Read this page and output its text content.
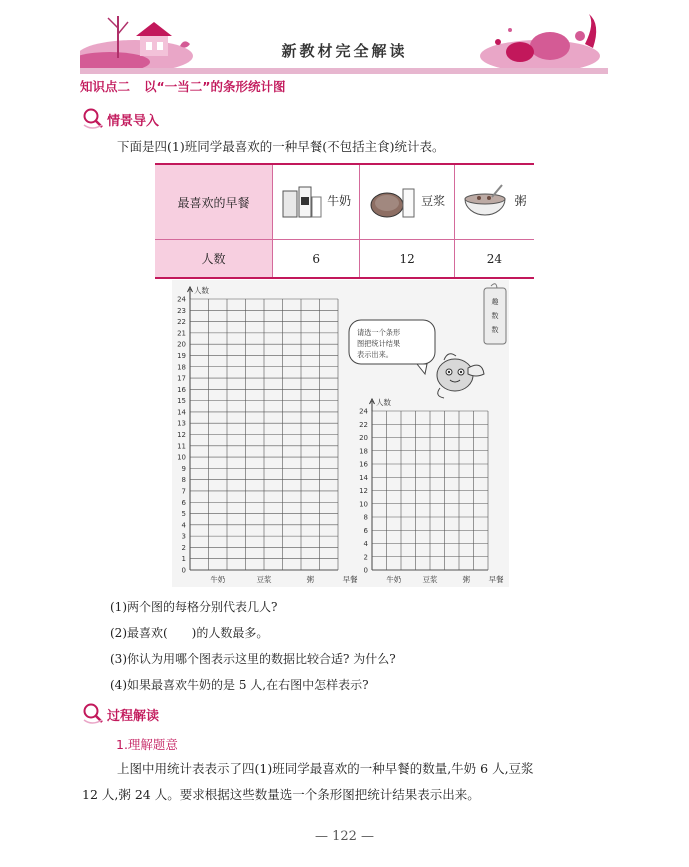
新教材完全解读
知识点二 以“一当二”的条形统计图
情景导入
下面是四(1)班同学最喜欢的一种早餐(不包括主食)统计表。
最喜欢的早餐	牛奶	豆浆	粥

人数	6	12	24
0
1
2
3
4
5
6
7
8
9
10
11
12
13
14
15
16
17
18
19
20
21
22
23
24
人数
牛奶	豆浆	粥	早餐
0
2
4
6
8
10
12
14
16
18
20
22
24
人数
牛奶	豆浆	粥 早餐
趣
数
数
请选一个条形
图把统计结果
表示出来。
(1)两个图的每格分别代表几人?
(2)最喜欢(　　)的人数最多。
(3)你认为用哪个图表示这里的数据比较合适? 为什么?
(4)如果最喜欢牛奶的是 5 人,在右图中怎样表示?
过程解读
1.理解题意
上图中用统计表表示了四(1)班同学最喜欢的一种早餐的数量,牛奶 6 人,豆浆
12 人,粥 24 人。要求根据这些数量选一个条形图把统计结果表示出来。
— 122 —
